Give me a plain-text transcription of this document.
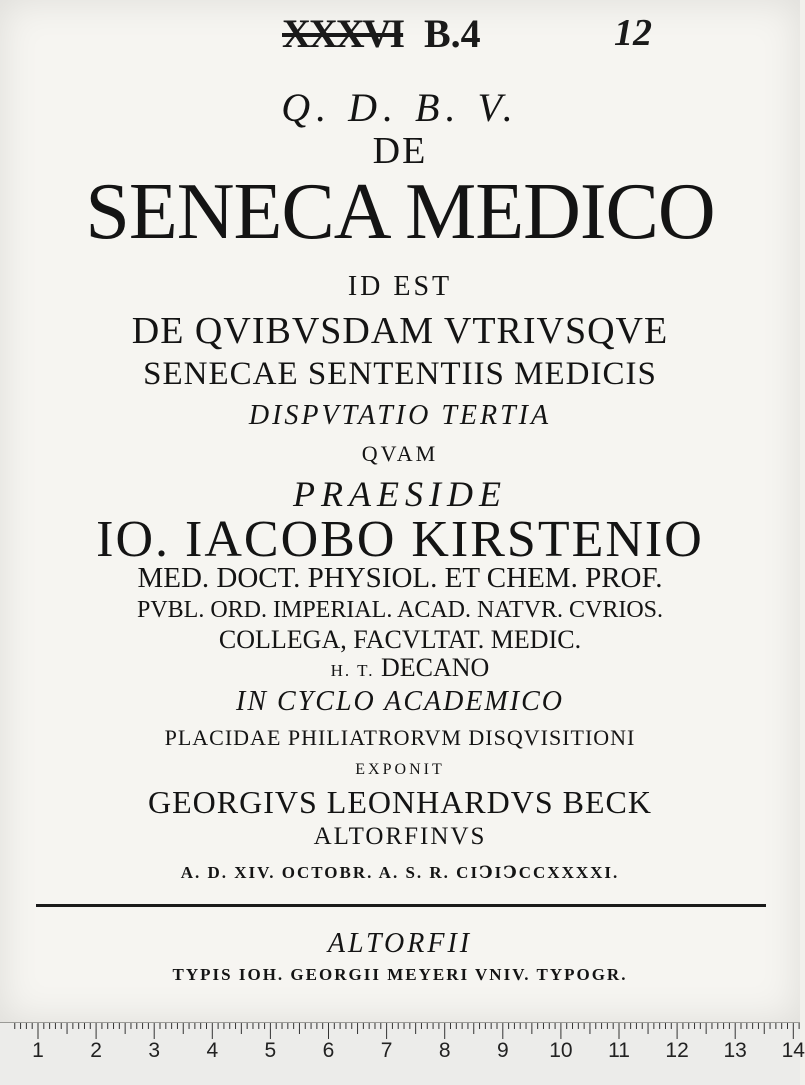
XXXVI B.4	12
Q. D. B. V.
DE
SENECA MEDICO
ID EST
DE QVIBVSDAM VTRIVSQVE
SENECAE SENTENTIIS MEDICIS
DISPVTATIO TERTIA
QVAM
PRAESIDE
IO. IACOBO KIRSTENIO
MED. DOCT. PHYSIOL. ET CHEM. PROF.
PVBL. ORD. IMPERIAL. ACAD. NATVR. CVRIOS.
COLLEGA, FACVLTAT. MEDIC.
H. T. DECANO
IN CYCLO ACADEMICO
PLACIDAE PHILIATRORVM DISQVISITIONI
EXPONIT
GEORGIVS LEONHARDVS BECK
ALTORFINVS
A. D. XIV. OCTOBR. A. S. R. CIↃIↃCCXXXXI.
ALTORFII
TYPIS IOH. GEORGII MEYERI VNIV. TYPOGR.
1 2 3 4 5 6 7 8 9 10 11 12 13 14
